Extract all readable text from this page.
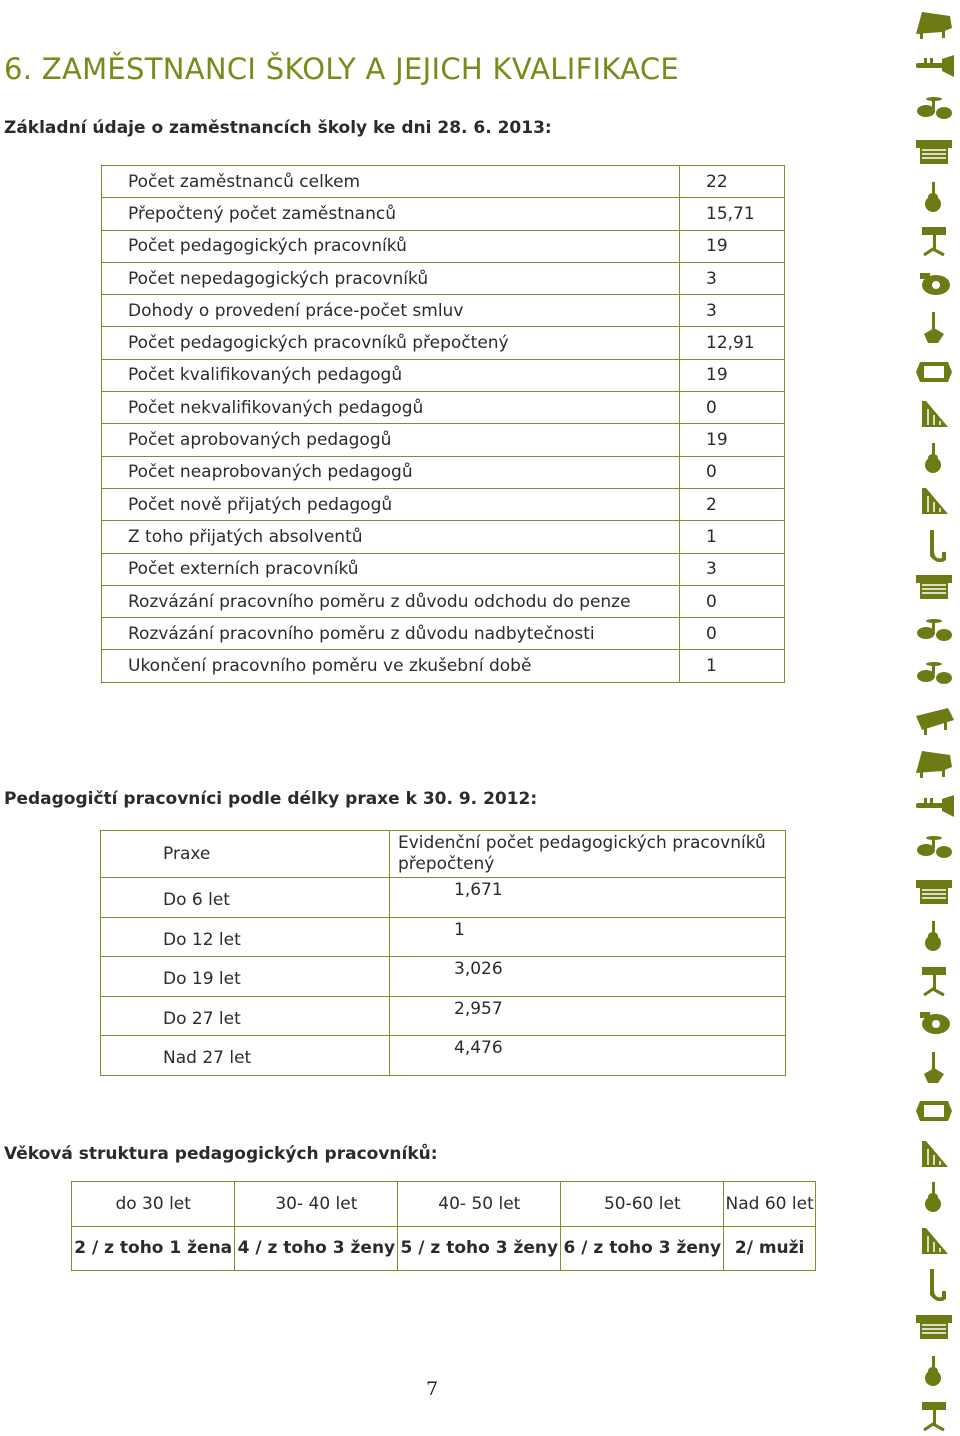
6. ZAMĚSTNANCI ŠKOLY A JEJICH KVALIFIKACE

Základní údaje o zaměstnancích školy ke dni 28. 6. 2013:

Počet zaměstnanců celkem	22
Přepočtený počet zaměstnanců	15,71
Počet pedagogických pracovníků	19
Počet nepedagogických pracovníků	3
Dohody o provedení práce-počet smluv	3
Počet pedagogických pracovníků přepočtený	12,91
Počet kvalifikovaných pedagogů	19
Počet nekvalifikovaných pedagogů	0
Počet aprobovaných pedagogů	19
Počet neaprobovaných pedagogů	0
Počet nově přijatých pedagogů	2
Z toho přijatých absolventů	1
Počet externích pracovníků	3
Rozvázání pracovního poměru z důvodu odchodu do penze	0
Rozvázání pracovního poměru z důvodu nadbytečnosti	0
Ukončení pracovního poměru ve zkušební době	1

Pedagogičtí pracovníci podle délky praxe k 30. 9. 2012:

Praxe	Evidenční počet pedagogických pracovníků přepočtený

Do 6 let	1,671
Do 12 let	1
Do 19 let	3,026
Do 27 let	2,957
Nad 27 let	4,476

Věková struktura pedagogických pracovníků:

do 30 let	30- 40 let	40- 50 let	50-60 let	Nad 60 let
2 / z toho 1 žena	4 / z toho 3 ženy	5 / z toho 3 ženy	6 / z toho 3 ženy	2/ muži
7
